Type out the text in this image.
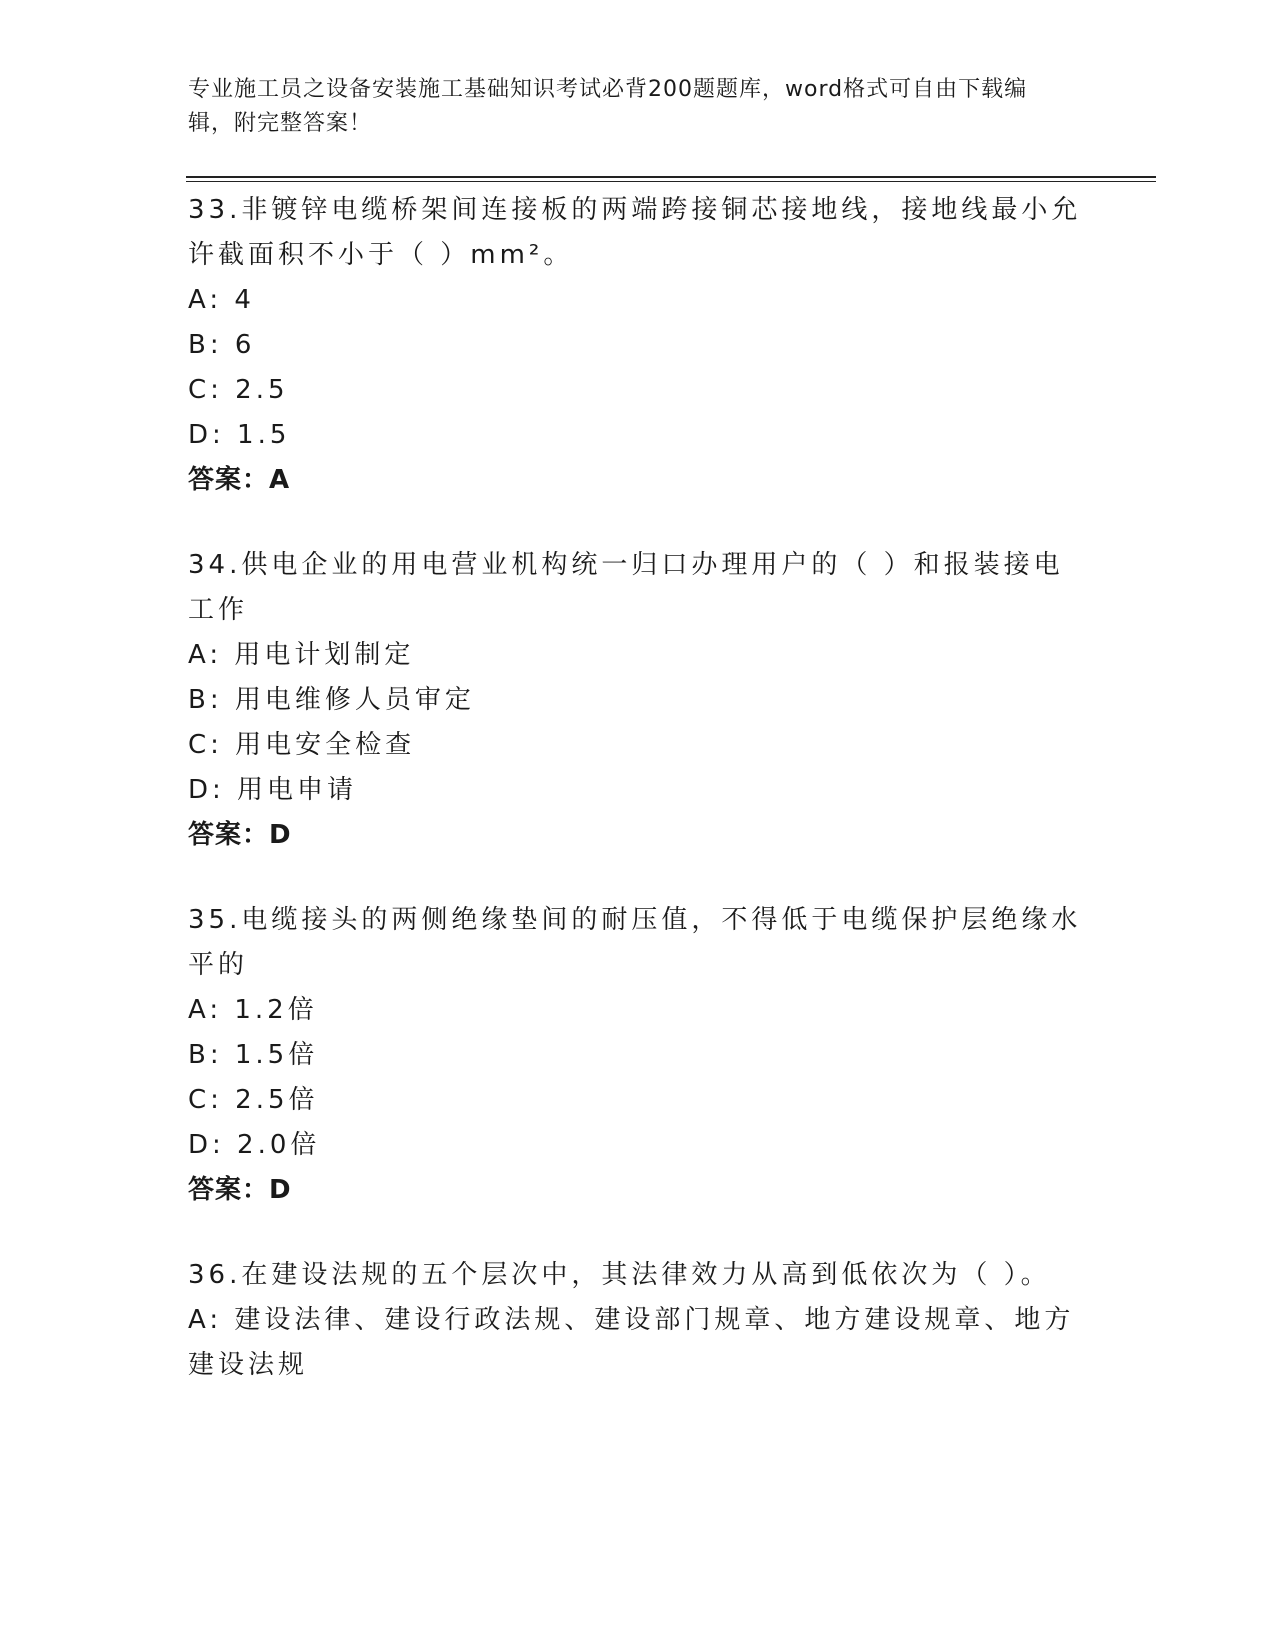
专业施工员之设备安装施工基础知识考试必背200题题库，word格式可自由下载编辑，附完整答案！

33.非镀锌电缆桥架间连接板的两端跨接铜芯接地线，接地线最小允许截面积不小于（ ）mm²。

A: 4

B: 6

C: 2.5

D: 1.5

答案：A

34.供电企业的用电营业机构统一归口办理用户的（ ）和报装接电工作

A: 用电计划制定

B: 用电维修人员审定

C: 用电安全检查

D: 用电申请

答案：D

35.电缆接头的两侧绝缘垫间的耐压值，不得低于电缆保护层绝缘水平的

A: 1.2倍

B: 1.5倍

C: 2.5倍

D: 2.0倍

答案：D

36.在建设法规的五个层次中，其法律效力从高到低依次为（ ）。

A: 建设法律、建设行政法规、建设部门规章、地方建设规章、地方建设法规
